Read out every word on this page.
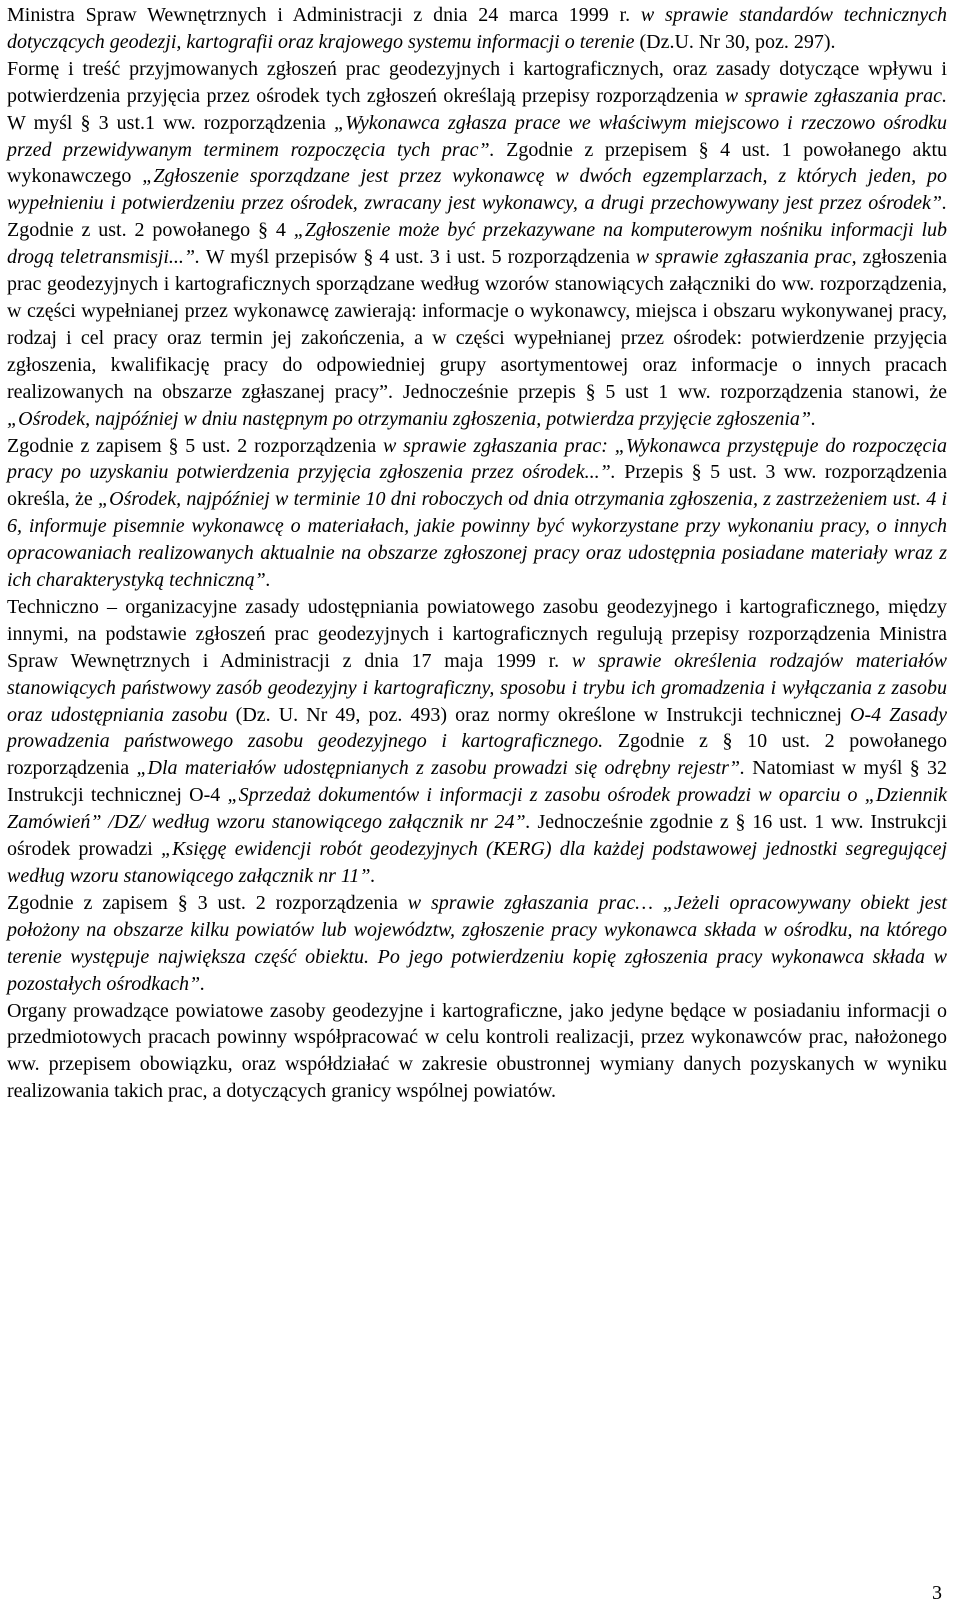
Ministra Spraw Wewnętrznych i Administracji z dnia 24 marca 1999 r. w sprawie standardów technicznych dotyczących geodezji, kartografii oraz krajowego systemu informacji o terenie (Dz.U. Nr 30, poz. 297).

Formę i treść przyjmowanych zgłoszeń prac geodezyjnych i kartograficznych, oraz zasady dotyczące wpływu i potwierdzenia przyjęcia przez ośrodek tych zgłoszeń określają przepisy rozporządzenia w sprawie zgłaszania prac. W myśl § 3 ust.1 ww. rozporządzenia „Wykonawca zgłasza prace we właściwym miejscowo i rzeczowo ośrodku przed przewidywanym terminem rozpoczęcia tych prac”. Zgodnie z przepisem § 4 ust. 1 powołanego aktu wykonawczego „Zgłoszenie sporządzane jest przez wykonawcę w dwóch egzemplarzach, z których jeden, po wypełnieniu i potwierdzeniu przez ośrodek, zwracany jest wykonawcy, a drugi przechowywany jest przez ośrodek”. Zgodnie z ust. 2 powołanego § 4 „Zgłoszenie może być przekazywane na komputerowym nośniku informacji lub drogą teletransmisji...”. W myśl przepisów § 4 ust. 3 i ust. 5 rozporządzenia w sprawie zgłaszania prac, zgłoszenia prac geodezyjnych i kartograficznych sporządzane według wzorów stanowiących załączniki do ww. rozporządzenia, w części wypełnianej przez wykonawcę zawierają: informacje o wykonawcy, miejsca i obszaru wykonywanej pracy, rodzaj i cel pracy oraz termin jej zakończenia, a w części wypełnianej przez ośrodek: potwierdzenie przyjęcia zgłoszenia, kwalifikację pracy do odpowiedniej grupy asortymentowej oraz informacje o innych pracach realizowanych na obszarze zgłaszanej pracy”. Jednocześnie przepis § 5 ust 1 ww. rozporządzenia stanowi, że „Ośrodek, najpóźniej w dniu następnym po otrzymaniu zgłoszenia, potwierdza przyjęcie zgłoszenia”.

Zgodnie z zapisem § 5 ust. 2 rozporządzenia w sprawie zgłaszania prac: „Wykonawca przystępuje do rozpoczęcia pracy po uzyskaniu potwierdzenia przyjęcia zgłoszenia przez ośrodek...”. Przepis § 5 ust. 3 ww. rozporządzenia określa, że „Ośrodek, najpóźniej w terminie 10 dni roboczych od dnia otrzymania zgłoszenia, z zastrzeżeniem ust. 4 i 6, informuje pisemnie wykonawcę o materiałach, jakie powinny być wykorzystane przy wykonaniu pracy, o innych opracowaniach realizowanych aktualnie na obszarze zgłoszonej pracy oraz udostępnia posiadane materiały wraz z ich charakterystyką techniczną”.

Techniczno – organizacyjne zasady udostępniania powiatowego zasobu geodezyjnego i kartograficznego, między innymi, na podstawie zgłoszeń prac geodezyjnych i kartograficznych regulują przepisy rozporządzenia Ministra Spraw Wewnętrznych i Administracji z dnia 17 maja 1999 r. w sprawie określenia rodzajów materiałów stanowiących państwowy zasób geodezyjny i kartograficzny, sposobu i trybu ich gromadzenia i wyłączania z zasobu oraz udostępniania zasobu (Dz. U. Nr 49, poz. 493) oraz normy określone w Instrukcji technicznej O-4 Zasady prowadzenia państwowego zasobu geodezyjnego i kartograficznego. Zgodnie z § 10 ust. 2 powołanego rozporządzenia „Dla materiałów udostępnianych z zasobu prowadzi się odrębny rejestr”. Natomiast w myśl § 32 Instrukcji technicznej O-4 „Sprzedaż dokumentów i informacji z zasobu ośrodek prowadzi w oparciu o „Dziennik Zamówień” /DZ/ według wzoru stanowiącego załącznik nr 24”. Jednocześnie zgodnie z § 16 ust. 1 ww. Instrukcji ośrodek prowadzi „Księgę ewidencji robót geodezyjnych (KERG) dla każdej podstawowej jednostki segregującej według wzoru stanowiącego załącznik nr 11”.

Zgodnie z zapisem § 3 ust. 2 rozporządzenia w sprawie zgłaszania prac… „Jeżeli opracowywany obiekt jest położony na obszarze kilku powiatów lub województw, zgłoszenie pracy wykonawca składa w ośrodku, na którego terenie występuje największa część obiektu. Po jego potwierdzeniu kopię zgłoszenia pracy wykonawca składa w pozostałych ośrodkach”.

Organy prowadzące powiatowe zasoby geodezyjne i kartograficzne, jako jedyne będące w posiadaniu informacji o przedmiotowych pracach powinny współpracować w celu kontroli realizacji, przez wykonawców prac, nałożonego ww. przepisem obowiązku, oraz współdziałać w zakresie obustronnej wymiany danych pozyskanych w wyniku realizowania takich prac, a dotyczących granicy wspólnej powiatów.

3
